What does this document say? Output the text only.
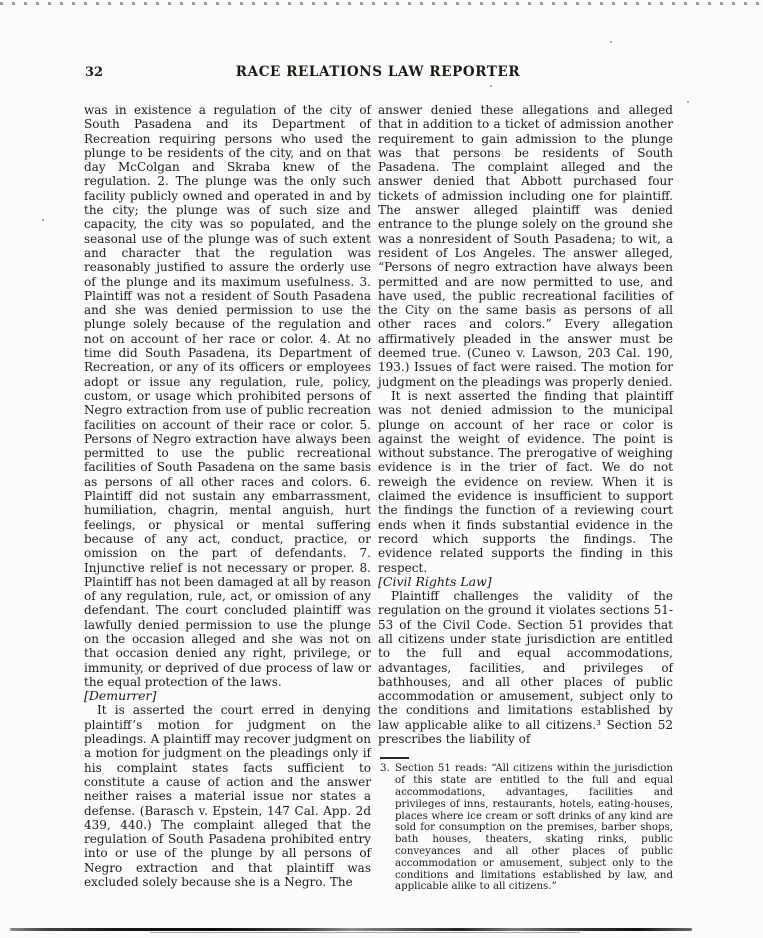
32	RACE RELATIONS LAW REPORTER

was in existence a regulation of the city of South Pasadena and its Department of Recreation requiring persons who used the plunge to be residents of the city, and on that day McColgan and Skraba knew of the regulation. 2. The plunge was the only such facility publicly owned and operated in and by the city; the plunge was of such size and capacity, the city was so populated, and the seasonal use of the plunge was of such extent and character that the regulation was reasonably justified to assure the orderly use of the plunge and its maximum usefulness. 3. Plaintiff was not a resident of South Pasadena and she was denied permission to use the plunge solely because of the regulation and not on account of her race or color. 4. At no time did South Pasadena, its Department of Recreation, or any of its officers or employees adopt or issue any regulation, rule, policy, custom, or usage which prohibited persons of Negro extraction from use of public recreation facilities on account of their race or color. 5. Persons of Negro extraction have always been permitted to use the public recreational facilities of South Pasadena on the same basis as persons of all other races and colors. 6. Plaintiff did not sustain any embarrassment, humiliation, chagrin, mental anguish, hurt feelings, or physical or mental suffering because of any act, conduct, practice, or omission on the part of defendants. 7. Injunctive relief is not necessary or proper. 8. Plaintiff has not been damaged at all by reason of any regulation, rule, act, or omission of any defendant. The court concluded plaintiff was lawfully denied permission to use the plunge on the occasion alleged and she was not on that occasion denied any right, privilege, or immunity, or deprived of due process of law or the equal protection of the laws.

[Demurrer]

It is asserted the court erred in denying plaintiff’s motion for judgment on the pleadings. A plaintiff may recover judgment on a motion for judgment on the pleadings only if his complaint states facts sufficient to constitute a cause of action and the answer neither raises a material issue nor states a defense. (Barasch v. Epstein, 147 Cal. App. 2d 439, 440.) The complaint alleged that the regulation of South Pasadena prohibited entry into or use of the plunge by all persons of Negro extraction and that plaintiff was excluded solely because she is a Negro. The

answer denied these allegations and alleged that in addition to a ticket of admission another requirement to gain admission to the plunge was that persons be residents of South Pasadena. The complaint alleged and the answer denied that Abbott purchased four tickets of admission including one for plaintiff. The answer alleged plaintiff was denied entrance to the plunge solely on the ground she was a nonresident of South Pasadena; to wit, a resident of Los Angeles. The answer alleged, “Persons of negro extraction have always been permitted and are now permitted to use, and have used, the public recreational facilities of the City on the same basis as persons of all other races and colors.” Every allegation affirmatively pleaded in the answer must be deemed true. (Cuneo v. Lawson, 203 Cal. 190, 193.) Issues of fact were raised. The motion for judgment on the pleadings was properly denied.

It is next asserted the finding that plaintiff was not denied admission to the municipal plunge on account of her race or color is against the weight of evidence. The point is without substance. The prerogative of weighing evidence is in the trier of fact. We do not reweigh the evidence on review. When it is claimed the evidence is insufficient to support the findings the function of a reviewing court ends when it finds substantial evidence in the record which supports the findings. The evidence related supports the finding in this respect.

[Civil Rights Law]

Plaintiff challenges the validity of the regulation on the ground it violates sections 51-53 of the Civil Code. Section 51 provides that all citizens under state jurisdiction are entitled to the full and equal accommodations, advantages, facilities, and privileges of bathhouses, and all other places of public accommodation or amusement, subject only to the conditions and limitations established by law applicable alike to all citizens.³ Section 52 prescribes the liability of

3. Section 51 reads: “All citizens within the jurisdiction of this state are entitled to the full and equal accommodations, advantages, facilities and privileges of inns, restaurants, hotels, eating-houses, places where ice cream or soft drinks of any kind are sold for consumption on the premises, barber shops, bath houses, theaters, skating rinks, public conveyances and all other places of public accommodation or amusement, subject only to the conditions and limitations established by law, and applicable alike to all citizens.”
